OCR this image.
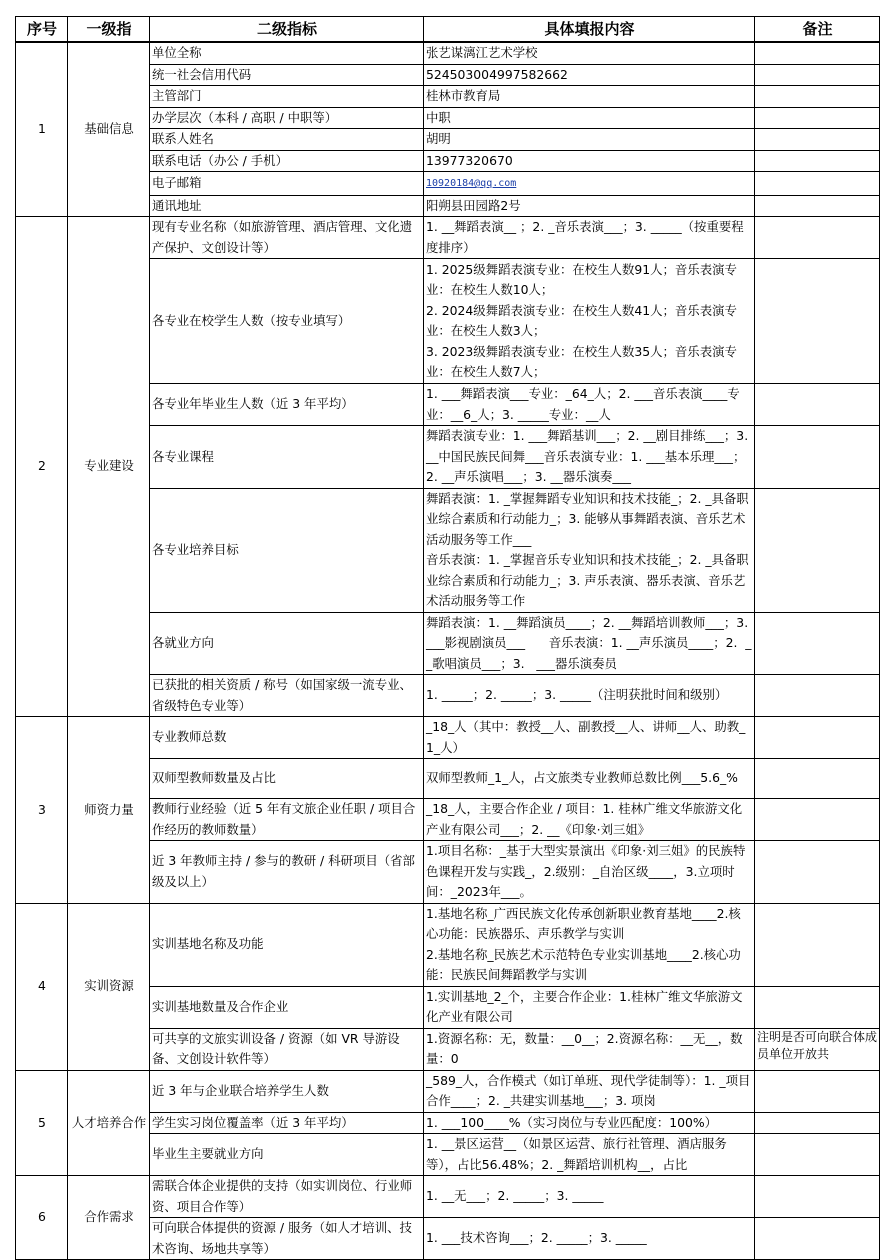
序号	一级指	二级指标	具体填报内容	备注
1	基础信息	单位全称	张艺谋漓江艺术学校	
		统一社会信用代码	524503004997582662	
		主管部门	桂林市教育局	
		办学层次（本科 / 高职 / 中职等）	中职	
		联系人姓名	胡明	
		联系电话（办公 / 手机）	13977320670	
		电子邮箱	10920184@qq.com	
		通讯地址	阳朔县田园路2号	
2	专业建设	现有专业名称（如旅游管理、酒店管理、文化遗产保护、文创设计等）	1. __舞蹈表演__ ；2. _音乐表演___；3. _____（按重要程度排序）	
		各专业在校学生人数（按专业填写）	1. 2025级舞蹈表演专业：在校生人数91人；音乐表演专业：在校生人数10人；
2. 2024级舞蹈表演专业：在校生人数41人；音乐表演专业：在校生人数3人；
3. 2023级舞蹈表演专业：在校生人数35人；音乐表演专业：在校生人数7人；	
		各专业年毕业生人数（近 3 年平均）	1. ___舞蹈表演___专业：_64_人；2. ___音乐表演____专业：__6_人；3. _____专业：__人	
		各专业课程	舞蹈表演专业：1. ___舞蹈基训___；2. __剧目排练___；3. __中国民族民间舞___音乐表演专业：1. ___基本乐理___；2. __声乐演唱___；3. __器乐演奏___	
		各专业培养目标	舞蹈表演：1. _掌握舞蹈专业知识和技术技能_；2. _具备职业综合素质和行动能力_；3. 能够从事舞蹈表演、音乐艺术活动服务等工作___
音乐表演：1. _掌握音乐专业知识和技术技能_；2. _具备职业综合素质和行动能力_；3. 声乐表演、器乐表演、音乐艺术活动服务等工作	
		各就业方向	舞蹈表演：1. __舞蹈演员____；2. __舞蹈培训教师___；3. ___影视剧演员___      音乐表演：1. __声乐演员____；2.  __歌唱演员___；3.   ___器乐演奏员	
		已获批的相关资质 / 称号（如国家级一流专业、省级特色专业等）	1. _____；2. _____；3. _____（注明获批时间和级别）	
3	师资力量	专业教师总数	_18_人（其中：教授__人、副教授__人、讲师__人、助教_1_人）	
		双师型教师数量及占比	双师型教师_1_人，占文旅类专业教师总数比例___5.6_%	
		教师行业经验（近 5 年有文旅企业任职 / 项目合作经历的教师数量）	_18_人，主要合作企业 / 项目：1. 桂林广维文华旅游文化产业有限公司___；2. __《印象·刘三姐》	
		近 3 年教师主持 / 参与的教研 / 科研项目（省部级及以上）	1.项目名称：_基于大型实景演出《印象·刘三姐》的民族特色课程开发与实践_，2.级别：_自治区级____，3.立项时间：_2023年___。	
4	实训资源	实训基地名称及功能	1.基地名称_广西民族文化传承创新职业教育基地____2.核心功能：民族器乐、声乐教学与实训
2.基地名称_民族艺术示范特色专业实训基地____2.核心功能：民族民间舞蹈教学与实训	
		实训基地数量及合作企业	1.实训基地_2_个，主要合作企业：1.桂林广维文华旅游文化产业有限公司	
		可共享的文旅实训设备 / 资源（如 VR 导游设备、文创设计软件等）	1.资源名称：无，数量：__0__；2.资源名称：__无__，数量：0	注明是否可向联合体成员单位开放共
5	人才培养合作	近 3 年与企业联合培养学生人数	_589_人，合作模式（如订单班、现代学徒制等）：1. _项目合作____；2. _共建实训基地___；3. 项岗	
		学生实习岗位覆盖率（近 3 年平均）	1. ___100____%（实习岗位与专业匹配度：100%）	
		毕业生主要就业方向	1. __景区运营__（如景区运营、旅行社管理、酒店服务等），占比56.48%；2. _舞蹈培训机构__，占比	
6	合作需求	需联合体企业提供的支持（如实训岗位、行业师资、项目合作等）	1. __无___；2. _____；3. _____	
		可向联合体提供的资源 / 服务（如人才培训、技术咨询、场地共享等）	1. ___技术咨询___；2. _____；3. _____	
